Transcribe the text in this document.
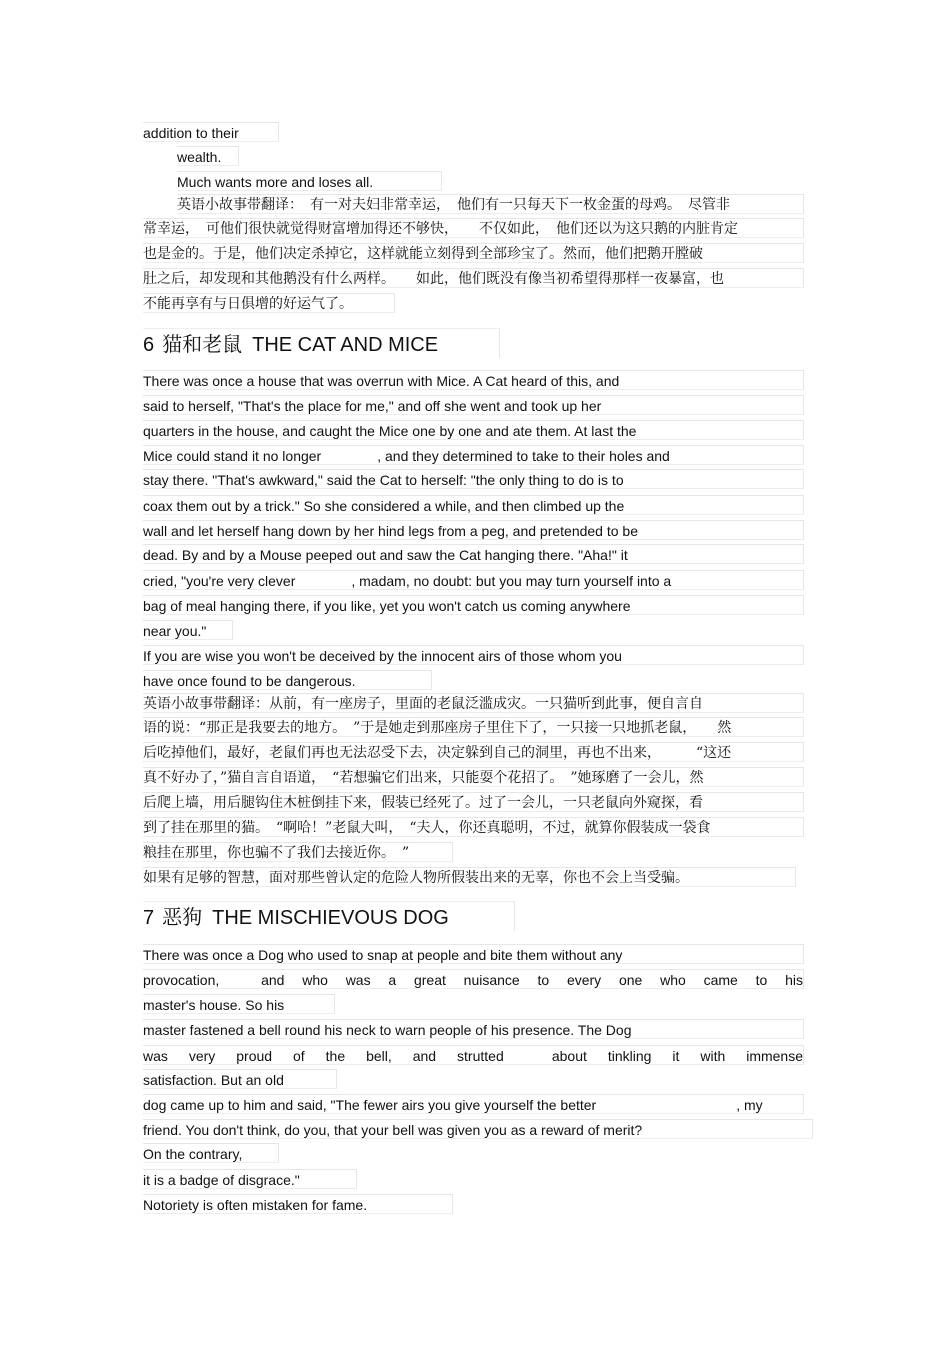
addition to their
wealth.
Much wants more and loses all.
英语小故事带翻译：　有一对夫妇非常幸运，　他们有一只每天下一枚金蛋的母鸡。　尽管非
常幸运，　可他们很快就觉得财富增加得还不够快，　　不仅如此，　他们还以为这只鹅的内脏肯定
也是金的。于是，他们决定杀掉它，这样就能立刻得到全部珍宝了。然而，他们把鹅开膛破
肚之后，却发现和其他鹅没有什么两样。　　如此，他们既没有像当初希望得那样一夜暴富，也
不能再享有与日俱增的好运气了。
6 猫和老鼠 THE CAT AND MICE
There was once a house that was overrun with Mice. A Cat heard of this, and
said to herself, "That's the place for me," and off she went and took up her
quarters in the house, and caught the Mice one by one and ate them. At last the
Mice could stand it no longer　　　　, and they determined to take to their holes and
stay there. "That's awkward," said the Cat to herself: "the only thing to do is to
coax them out by a trick." So she considered a while, and then climbed up the
wall and let herself hang down by her hind legs from a peg, and pretended to be
dead. By and by a Mouse peeped out and saw the Cat hanging there. "Aha!" it
cried, "you're very clever　　　　, madam, no doubt: but you may turn yourself into a
bag of meal hanging there, if you like, yet you won't catch us coming anywhere
near you."
If you are wise you won't be deceived by the innocent airs of those whom you
have once found to be dangerous.
英语小故事带翻译：从前，有一座房子，里面的老鼠泛滥成灾。一只猫听到此事，便自言自
语的说：“那正是我要去的地方。　”于是她走到那座房子里住下了，一只接一只地抓老鼠，　　然
后吃掉他们，最好，老鼠们再也无法忍受下去，决定躲到自己的洞里，再也不出来，　　　“这还
真不好办了，”猫自言自语道，　“若想骗它们出来，只能耍个花招了。　”她琢磨了一会儿，然
后爬上墙，用后腿钩住木桩倒挂下来，假装已经死了。过了一会儿，一只老鼠向外窥探，看
到了挂在那里的猫。　“啊哈！”老鼠大叫，　“夫人，你还真聪明，不过，就算你假装成一袋食
粮挂在那里，你也骗不了我们去接近你。　”
如果有足够的智慧，面对那些曾认定的危险人物所假装出来的无辜，你也不会上当受骗。
7 恶狗 THE MISCHIEVOUS DOG
There was once a Dog who used to snap at people and bite them without any
provocation,　and who was a great nuisance to every one who came to his
master's house. So his
master fastened a bell round his neck to warn people of his presence. The Dog
was very proud of the bell, and strutted　about tinkling it with immense
satisfaction. But an old
dog came up to him and said, "The fewer airs you give yourself the better　　　　　　　　　　, my
friend. You don't think, do you, that your bell was given you as a reward of merit?
On the contrary,
it is a badge of disgrace."
Notoriety is often mistaken for fame.
